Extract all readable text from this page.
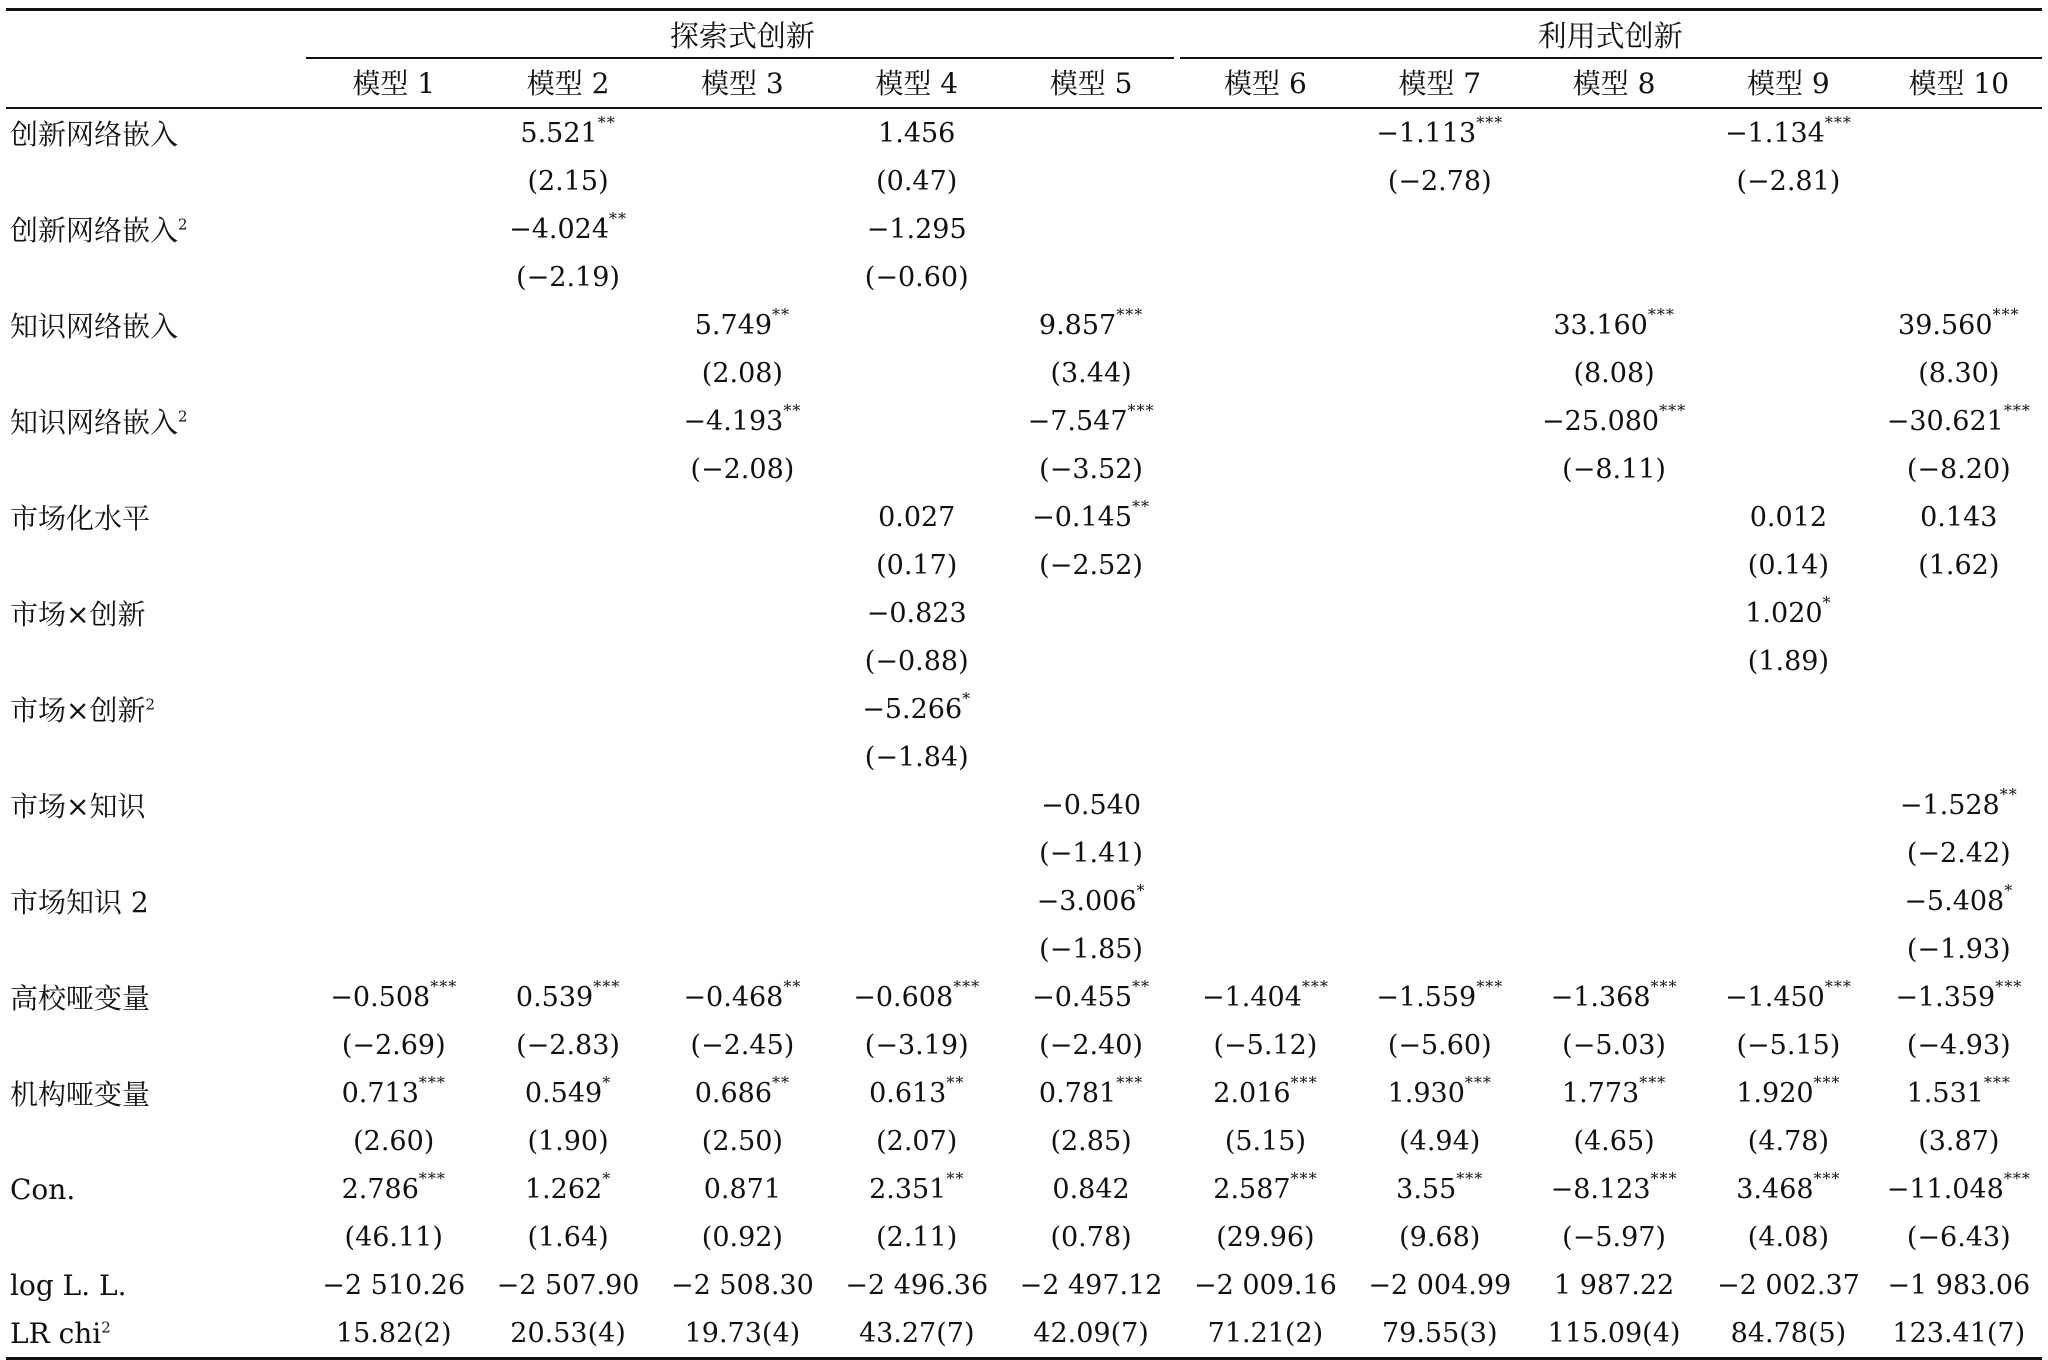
	探索式创新					利用式创新				
	模型 1	模型 2	模型 3	模型 4	模型 5	模型 6	模型 7	模型 8	模型 9	模型 10
创新网络嵌入		5.521**		1.456			−1.113***		−1.134***	
		(2.15)		(0.47)			(−2.78)		(−2.81)	
创新网络嵌入$^2$		−4.024**		−1.295						
		(−2.19)		(−0.60)						
知识网络嵌入			5.749**		9.857***			33.160***		39.560***
			(2.08)		(3.44)			(8.08)		(8.30)
知识网络嵌入$^2$			−4.193**		−7.547***			−25.080***		−30.621***
			(−2.08)		(−3.52)			(−8.11)		(−8.20)
市场化水平				0.027	−0.145**				0.012	0.143
				(0.17)	(−2.52)				(0.14)	(1.62)
市场×创新				−0.823					1.020*	
				(−0.88)					(1.89)	
市场×创新$^2$				−5.266*						
				(−1.84)						
市场×知识					−0.540					−1.528**
					(−1.41)					(−2.42)
市场知识 2					−3.006*					−5.408*
					(−1.85)					(−1.93)
高校哑变量	−0.508***	0.539***	−0.468**	−0.608***	−0.455**	−1.404***	−1.559***	−1.368***	−1.450***	−1.359***
	(−2.69)	(−2.83)	(−2.45)	(−3.19)	(−2.40)	(−5.12)	(−5.60)	(−5.03)	(−5.15)	(−4.93)
机构哑变量	0.713***	0.549*	0.686**	0.613**	0.781***	2.016***	1.930***	1.773***	1.920***	1.531***
	(2.60)	(1.90)	(2.50)	(2.07)	(2.85)	(5.15)	(4.94)	(4.65)	(4.78)	(3.87)
Con.	2.786***	1.262*	0.871	2.351**	0.842	2.587***	3.55***	−8.123***	3.468***	−11.048***
	(46.11)	(1.64)	(0.92)	(2.11)	(0.78)	(29.96)	(9.68)	(−5.97)	(4.08)	(−6.43)
log L. L.	−2 510.26	−2 507.90	−2 508.30	−2 496.36	−2 497.12	−2 009.16	−2 004.99	1 987.22	−2 002.37	−1 983.06
LR chi$^2$	15.82(2)	20.53(4)	19.73(4)	43.27(7)	42.09(7)	71.21(2)	79.55(3)	115.09(4)	84.78(5)	123.41(7)
